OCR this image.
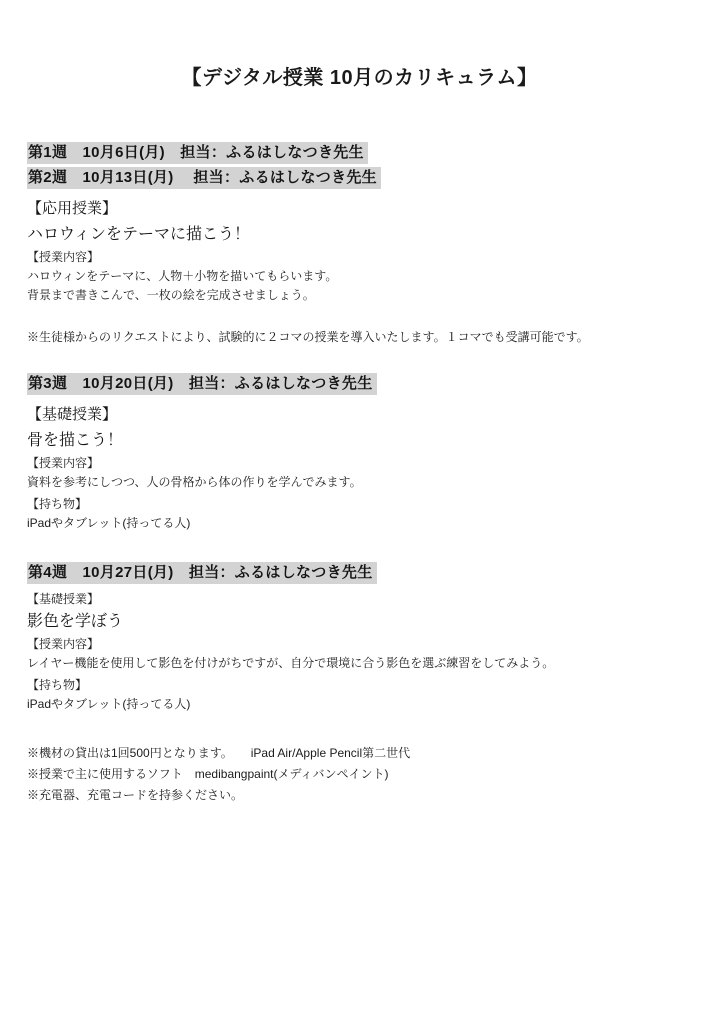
【デジタル授業 10月のカリキュラム】
第1週　10月6日(月)　担当：ふるはしなつき先生
第2週　10月13日(月)　 担当：ふるはしなつき先生
【応用授業】
ハロウィンをテーマに描こう！
【授業内容】
ハロウィンをテーマに、人物＋小物を描いてもらいます。
背景まで書きこんで、一枚の絵を完成させましょう。
※生徒様からのリクエストにより、試験的に２コマの授業を導入いたします。１コマでも受講可能です。
第3週　10月20日(月)　担当：ふるはしなつき先生
【基礎授業】
骨を描こう！
【授業内容】
資料を参考にしつつ、人の骨格から体の作りを学んでみます。
【持ち物】
iPadやタブレット(持ってる人)
第4週　10月27日(月)　担当：ふるはしなつき先生
【基礎授業】
影色を学ぼう
【授業内容】
レイヤー機能を使用して影色を付けがちですが、自分で環境に合う影色を選ぶ練習をしてみよう。
【持ち物】
iPadやタブレット(持ってる人)
※機材の貸出は1回500円となります。　　iPad Air/Apple Pencil第二世代
※授業で主に使用するソフト　medibangpaint(メディバンペイント)
※充電器、充電コードを持参ください。
